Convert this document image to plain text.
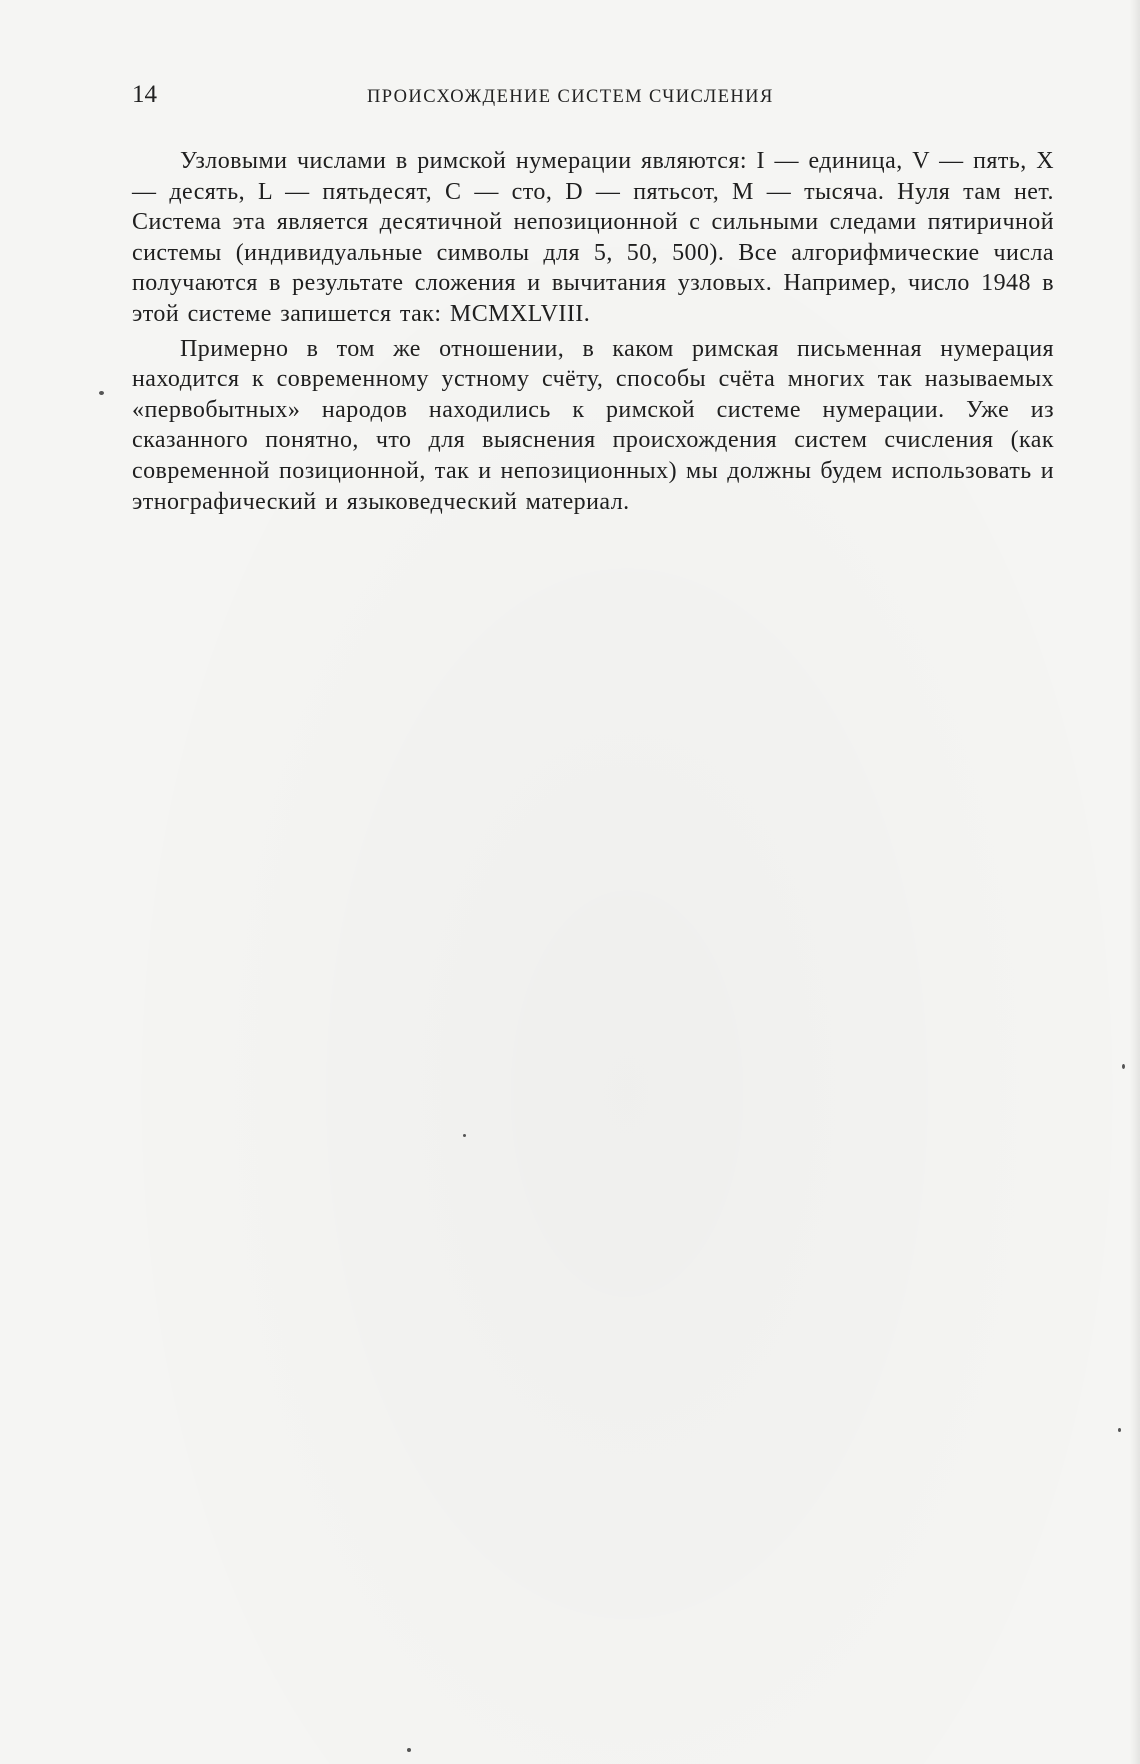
14	ПРОИСХОЖДЕНИЕ СИСТЕМ СЧИСЛЕНИЯ

Узловыми числами в римской нумерации являются: I — единица, V — пять, X — десять, L — пятьдесят, C — сто, D — пятьсот, M — тысяча. Нуля там нет. Система эта является десятичной непозиционной с сильными следами пятиричной системы (индивидуальные символы для 5, 50, 500). Все алгорифмические числа получаются в результате сложения и вычитания узловых. Например, число 1948 в этой системе запишется так: MCMXLVIII.

Примерно в том же отношении, в каком римская письменная нумерация находится к современному устному счёту, способы счёта многих так называемых «первобытных» народов находились к римской системе нумерации. Уже из сказанного понятно, что для выяснения происхождения систем счисления (как современной позиционной, так и непозиционных) мы должны будем использовать и этнографический и языковедческий материал.
